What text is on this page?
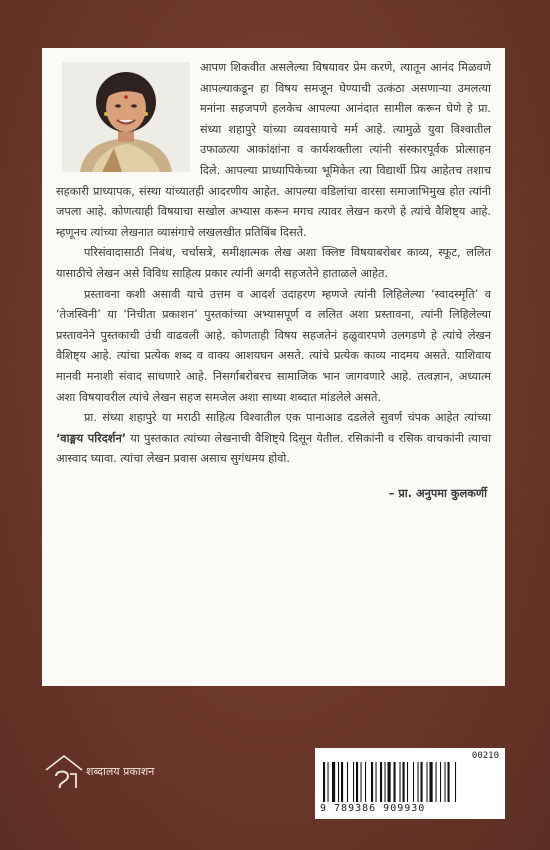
आपण शिकवीत असलेल्या विषयावर प्रेम करणे, त्यातून आनंद मिळवणे आपल्याकडून हा विषय समजून घेण्याची उत्कंठा असणाऱ्या उमलत्या मनांना सहजपणे हलकेच आपल्या आनंदात सामील करून घेणे हे प्रा. संध्या शहापुरे यांच्या व्यवसायाचे मर्म आहे. त्यामुळे युवा विश्वातील उफाळत्या आकांक्षांना व कार्यशक्तीला त्यांनी संस्कारपूर्वक प्रोत्साहन दिले. आपल्या प्राध्यापिकेच्या भूमिकेत त्या विद्यार्थी प्रिय आहेतच तशाच सहकारी प्राध्यापक, संस्था यांच्यातही आदरणीय आहेत. आपल्या वडिलांचा वारसा समाजाभिमुख होत त्यांनी जपला आहे. कोणत्याही विषयाचा सखोल अभ्यास करून मगच त्यावर लेखन करणे हे त्यांचे वैशिष्ट्य आहे. म्हणूनच त्यांच्या लेखनात व्यासंगाचे लखलखीत प्रतिबिंब दिसते.

परिसंवादासाठी निबंध, चर्चासत्रे, समीक्षात्मक लेख अशा क्लिष्ट विषयाबरोबर काव्य, स्फूट, ललित यासाठीचे लेखन असे विविध साहित्य प्रकार त्यांनी अगदी सहजतेने हाताळले आहेत.

प्रस्तावना कशी असावी याचे उत्तम व आदर्श उदाहरण म्हणजे त्यांनी लिहिलेल्या ‘स्वादस्मृति’ व ‘तेजस्विनी’ या ‘निचीता प्रकाशन’ पुस्तकांच्या अभ्यासपूर्ण व ललित अशा प्रस्तावना, त्यांनी लिहिलेल्या प्रस्तावनेने पुस्तकाची उंची वाढवली आहे. कोणताही विषय सहजतेनं हळुवारपणे उलगडणे हे त्यांचे लेखन वैशिष्ट्य आहे. त्यांचा प्रत्येक शब्द व वाक्य आशयघन असते. त्यांचे प्रत्येक काव्य नादमय असते. याशिवाय मानवी मनाशी संवाद साधणारे आहे. निसर्गाबरोबरच सामाजिक भान जागवणारे आहे. तत्वज्ञान, अध्यात्म अशा विषयावरील त्यांचे लेखन सहज समजेल अशा साध्या शब्दात मांडलेले असते.

प्रा. संध्या शहापुरे या मराठी साहित्य विश्वातील एक पानाआड दडलेले सुवर्ण चंपक आहेत त्यांच्या ‘वाङ्मय परिदर्शन’ या पुस्तकात त्यांच्या लेखनाची वैशिष्ट्ये दिसून येतील. रसिकांनी व रसिक वाचकांनी त्याचा आस्वाद घ्यावा. त्यांचा लेखन प्रवास असाच सुगंधमय होवो.

– प्रा. अनुपमा कुलकर्णी

शब्दालय प्रकाशन
00210
9 789386 909930
